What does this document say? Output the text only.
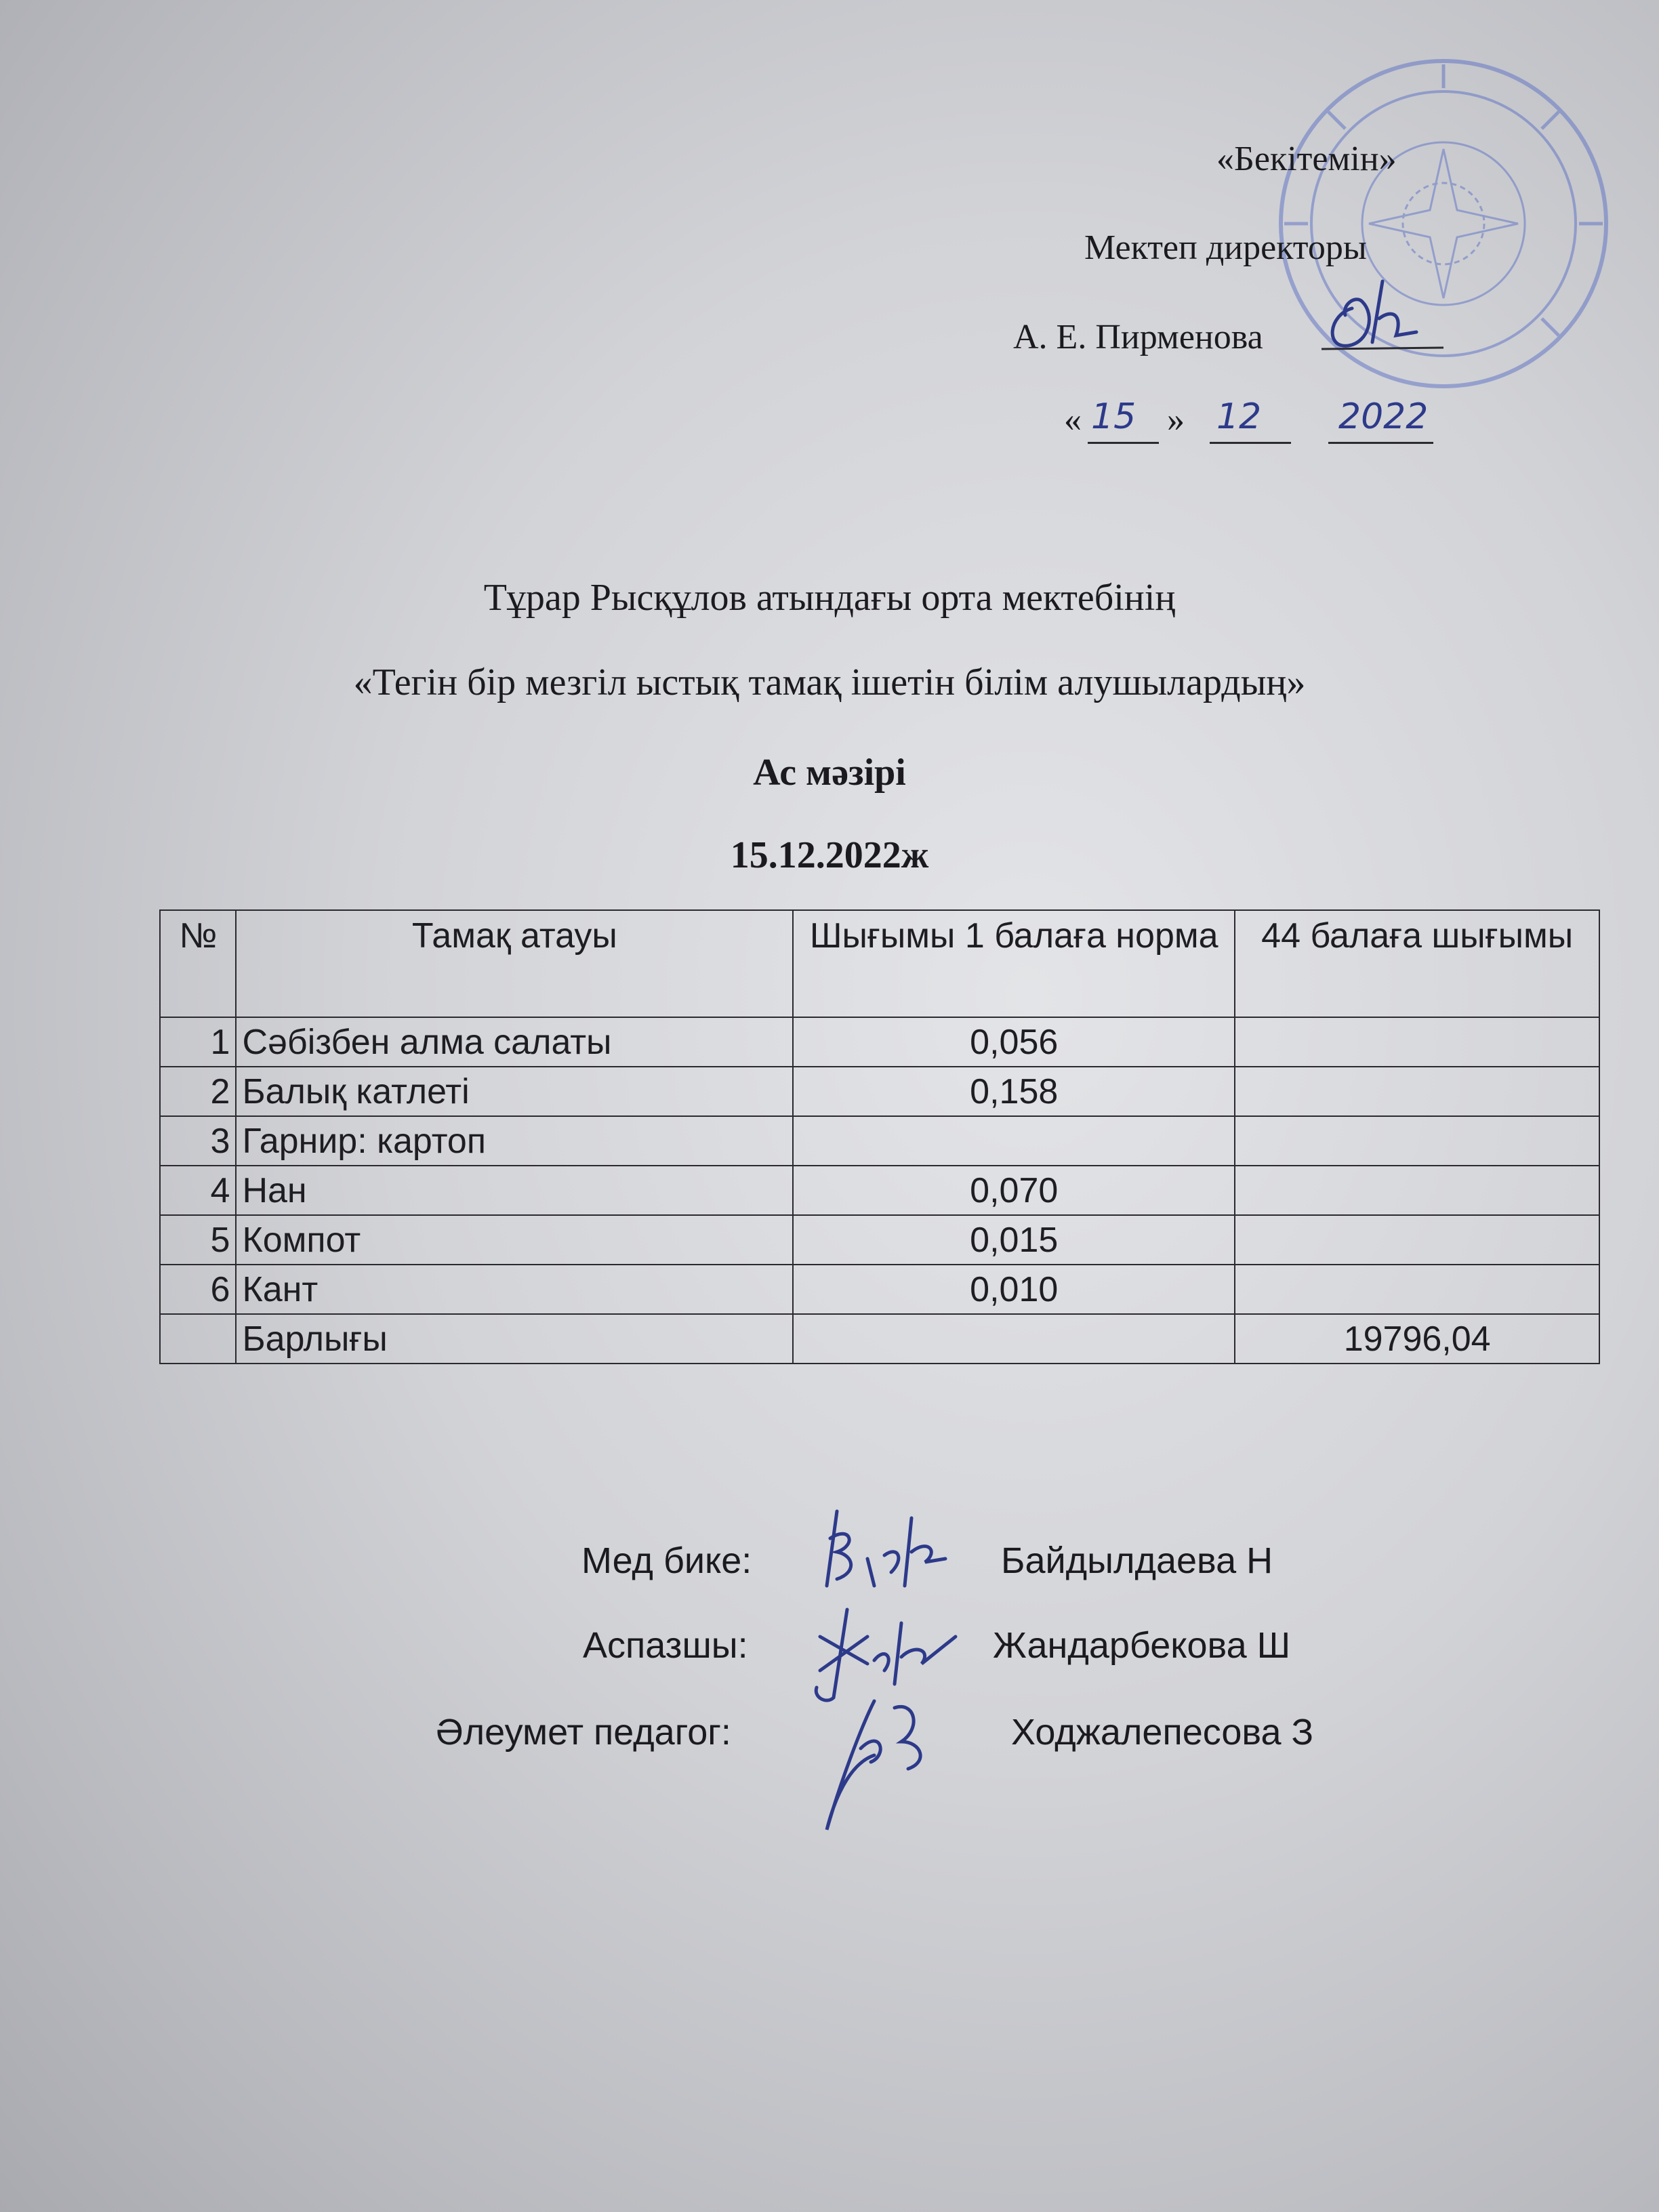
«Бекітемін»
Мектеп директоры
А. Е. Пирменова
« 15 » 12 2022
Тұрар Рысқұлов атындағы орта мектебінің
«Тегін бір мезгіл ыстық тамақ ішетін білім алушылардың»
Ас мәзірі
15.12.2022ж
№	Тамақ атауы	Шығымы 1 балаға норма	44 балаға шығымы
1	Сәбізбен алма салаты	0,056	
2	Балық катлеті	0,158	
3	Гарнир: картоп		
4	Нан	0,070	
5	Компот	0,015	
6	Кант	0,010	
	Барлығы		19796,04
Мед бике:	Байдылдаева Н
Аспазшы:	Жандарбекова Ш
Әлеумет педагог:	Ходжалепесова З
